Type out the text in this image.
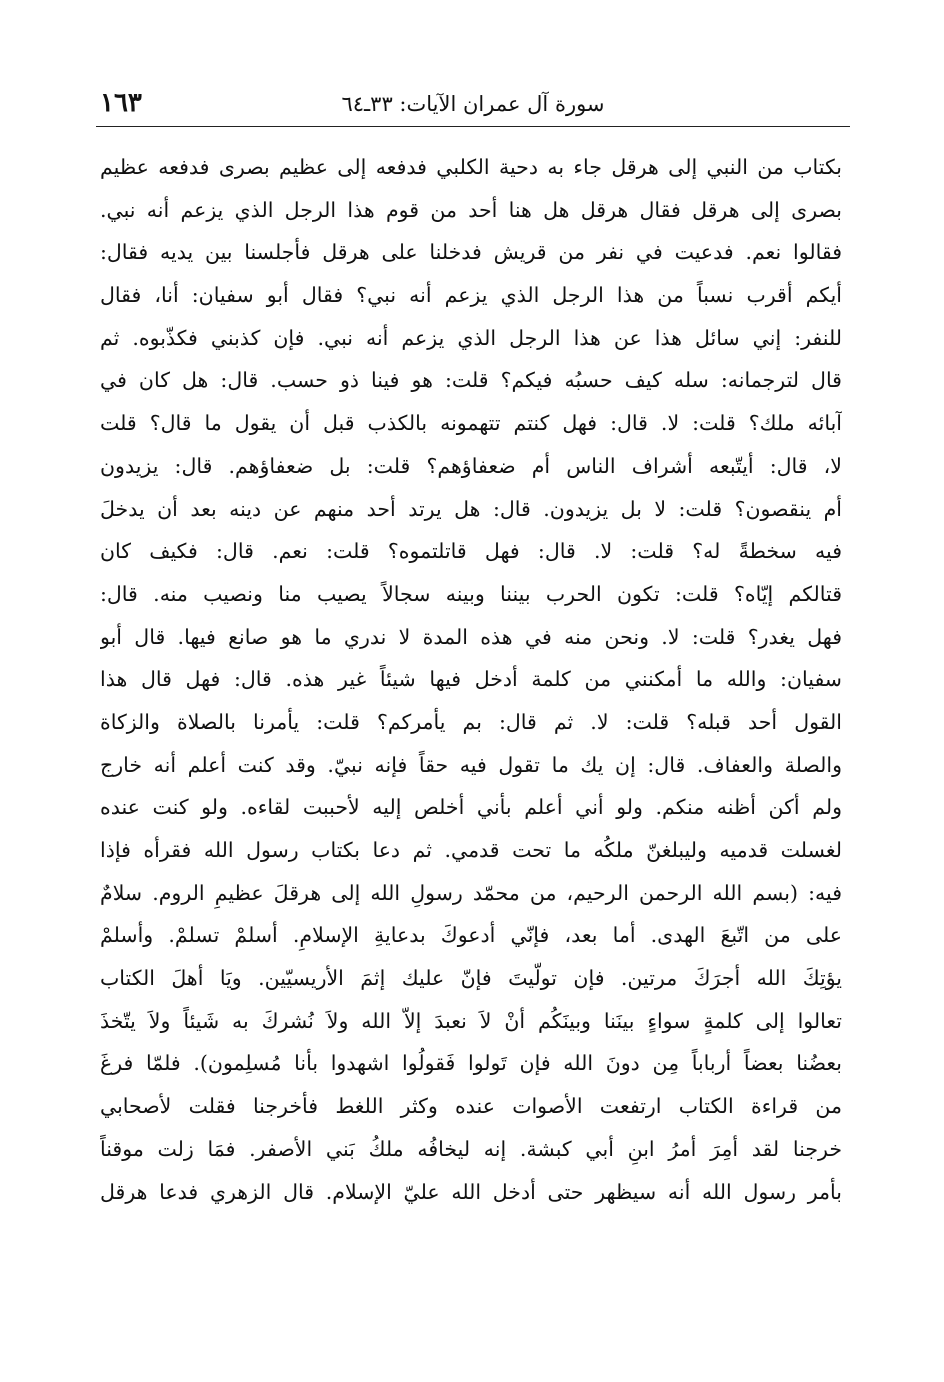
سورة آل عمران الآيات: ٣٣ـ٦٤
١٦٣
بكتاب من النبي إلى هرقل جاء به دحية الكلبي فدفعه إلى عظيم بصرى فدفعه عظيم
بصرى إلى هرقل فقال هرقل هل هنا أحد من قوم هذا الرجل الذي يزعم أنه نبي.
فقالوا نعم. فدعيت في نفر من قريش فدخلنا على هرقل فأجلسنا بين يديه فقال:
أيكم أقرب نسباً من هذا الرجل الذي يزعم أنه نبي؟ فقال أبو سفيان: أنا، فقال
للنفر: إني سائل هذا عن هذا الرجل الذي يزعم أنه نبي. فإن كذبني فكذّبوه. ثم
قال لترجمانه: سله كيف حسبُه فيكم؟ قلت: هو فينا ذو حسب. قال: هل كان في
آبائه ملك؟ قلت: لا. قال: فهل كنتم تتهمونه بالكذب قبل أن يقول ما قال؟ قلت
لا، قال: أيتّبعه أشراف الناس أم ضعفاؤهم؟ قلت: بل ضعفاؤهم. قال: يزيدون
أم ينقصون؟ قلت: لا بل يزيدون. قال: هل يرتد أحد منهم عن دينه بعد أن يدخلَ
فيه سخطةً له؟ قلت: لا. قال: فهل قاتلتموه؟ قلت: نعم. قال: فكيف كان
قتالكم إيّاه؟ قلت: تكون الحرب بيننا وبينه سجالاً يصيب منا ونصيب منه. قال:
فهل يغدر؟ قلت: لا. ونحن منه في هذه المدة لا ندري ما هو صانع فيها. قال أبو
سفيان: والله ما أمكنني من كلمة أدخل فيها شيئاً غير هذه. قال: فهل قال هذا
القول أحد قبله؟ قلت: لا. ثم قال: بم يأمركم؟ قلت: يأمرنا بالصلاة والزكاة
والصلة والعفاف. قال: إن يك ما تقول فيه حقاً فإنه نبيّ. وقد كنت أعلم أنه خارج
ولم أكن أظنه منكم. ولو أني أعلم بأني أخلص إليه لأحببت لقاءه. ولو كنت عنده
لغسلت قدميه وليبلغنّ ملكُه ما تحت قدمي. ثم دعا بكتاب رسول الله فقرأه فإذا
فيه: (بسم الله الرحمن الرحيم، من محمّد رسولِ الله إلى هرقلَ عظيمِ الروم. سلامٌ
على من اتّبعَ الهدى. أما بعد، فإنّي أدعوكَ بدعايةِ الإسلامِ. أسلمْ تسلمْ. وأسلمْ
يؤتِكَ الله أجرَكَ مرتين. فإن تولّيتَ فإنّ عليك إثمَ الأريسيّين. ويَا أهلَ الكتاب
تعالوا إلى كلمةٍ سواءٍ بينَنا وبينَكُم أنْ لاَ نعبدَ إلاّ الله ولاَ نُشركَ به شَيئاً ولاَ يتّخذَ
بعضُنا بعضاً أرباباً مِن دونَ الله فإن تَولوا فَقولُوا اشهدوا بأنا مُسلِمون). فلمّا فرغَ
من قراءة الكتاب ارتفعت الأصوات عنده وكثر اللغط فأخرجنا فقلت لأصحابي
خرجنا لقد أمِرَ أمرُ ابنِ أبي كبشة. إنه ليخافُه ملكُ بَني الأصفر. فمَا زلت موقناً
بأمر رسول الله أنه سيظهر حتى أدخل الله عليّ الإسلام. قال الزهري فدعا هرقل
